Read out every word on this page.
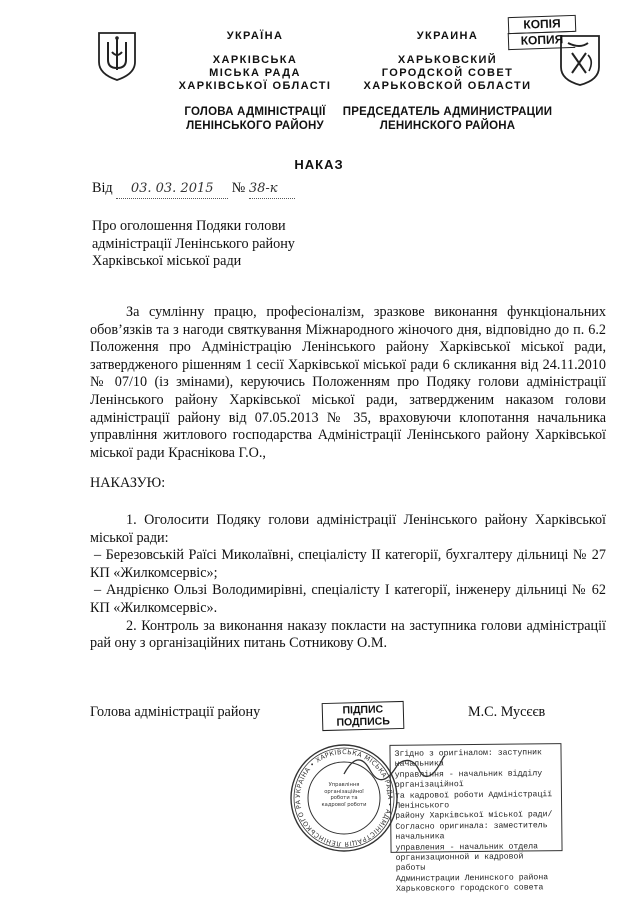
КОПІЯ
КОПИЯ
УКРАЇНА
ХАРКІВСЬКА
МІСЬКА РАДА
ХАРКІВСЬКОЇ ОБЛАСТІ
ГОЛОВА АДМІНІСТРАЦІЇ
ЛЕНІНСЬКОГО РАЙОНУ
УКРАИНА
ХАРЬКОВСКИЙ
ГОРОДСКОЙ СОВЕТ
ХАРЬКОВСКОЙ ОБЛАСТИ
ПРЕДСЕДАТЕЛЬ АДМИНИСТРАЦИИ
ЛЕНИНСКОГО РАЙОНА
НАКАЗ
Від 03. 03. 2015 № 38-к
Про оголошення Подяки голови
адміністрації Ленінського району
Харківської міської ради
За сумлінну працю, професіоналізм, зразкове виконання функціональних обов’язків та з нагоди святкування Міжнародного жіночого дня, відповідно до п. 6.2 Положення про Адміністрацію Ленінського району Харківської міської ради, затвердженого рішенням 1 сесії Харківської міської ради 6 скликання від 24.11.2010 № 07/10 (із змінами), керуючись Положенням про Подяку голови адміністрації Ленінського району Харківської міської ради, затвердженим наказом голови адміністрації району від 07.05.2013 № 35, враховуючи клопотання начальника управління житлового господарства Адміністрації Ленінського району Харківської міської ради Краснікова Г.О.,
НАКАЗУЮ:
1. Оголосити Подяку голови адміністрації Ленінського району Харківської міської ради:
– Березовській Раїсі Миколаївні, спеціалісту II категорії, бухгалтеру дільниці № 27 КП «Жилкомсервіс»;
– Андрієнко Ользі Володимирівні, спеціалісту I категорії, інженеру дільниці № 62 КП «Жилкомсервіс».
2. Контроль за виконання наказу покласти на заступника голови адміністрації рай ону з організаційних питань Сотникову О.М.
Голова адміністрації району	ПІДПИС
ПОДПИСЬ
М.С. Мусєєв
УКРАЇНА • ХАРКІВСЬКА МІСЬКА РАДА • АДМІНІСТРАЦІЯ ЛЕНІНСЬКОГО РА
Управління організаційної роботи та кадрової роботи
Згідно з оригіналом: заступник начальника
управління - начальник відділу організаційної
та кадрової роботи Адміністрації Ленінського
району Харківської міської ради/
Согласно оригинала: заместитель начальника
управления - начальник отдела
организационной и кадровой работы
Администрации Ленинского района
Харьковского городского совета
